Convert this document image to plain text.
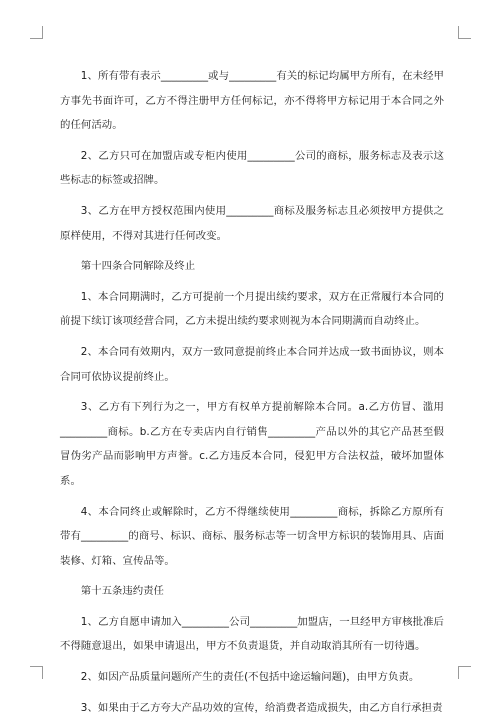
1、所有带有表示_________或与_________有关的标记均属甲方所有，在未经甲方事先书面许可，乙方不得注册甲方任何标记，亦不得将甲方标记用于本合同之外的任何活动。

2、乙方只可在加盟店或专柜内使用_________公司的商标，服务标志及表示这些标志的标签或招牌。

3、乙方在甲方授权范围内使用_________商标及服务标志且必须按甲方提供之原样使用，不得对其进行任何改变。

第十四条合同解除及终止

1、本合同期满时，乙方可提前一个月提出续约要求，双方在正常履行本合同的前提下续订该项经营合同，乙方未提出续约要求则视为本合同期满而自动终止。

2、本合同有效期内，双方一致同意提前终止本合同并达成一致书面协议，则本合同可依协议提前终止。

3、乙方有下列行为之一，甲方有权单方提前解除本合同。a.乙方仿冒、滥用_________商标。b.乙方在专卖店内自行销售_________产品以外的其它产品甚至假冒伪劣产品而影响甲方声誉。c.乙方违反本合同，侵犯甲方合法权益，破坏加盟体系。

4、本合同终止或解除时，乙方不得继续使用_________商标，拆除乙方原所有带有_________的商号、标识、商标、服务标志等一切含甲方标识的装饰用具、店面装修、灯箱、宣传品等。

第十五条违约责任

1、乙方自愿申请加入_________公司_________加盟店，一旦经甲方审核批准后不得随意退出，如果申请退出，甲方不负责退货，并自动取消其所有一切待遇。

2、如因产品质量问题所产生的责任(不包括中途运输问题)，由甲方负责。

3、如果由于乙方夸大产品功效的宣传，给消费者造成损失，由乙方自行承担责
